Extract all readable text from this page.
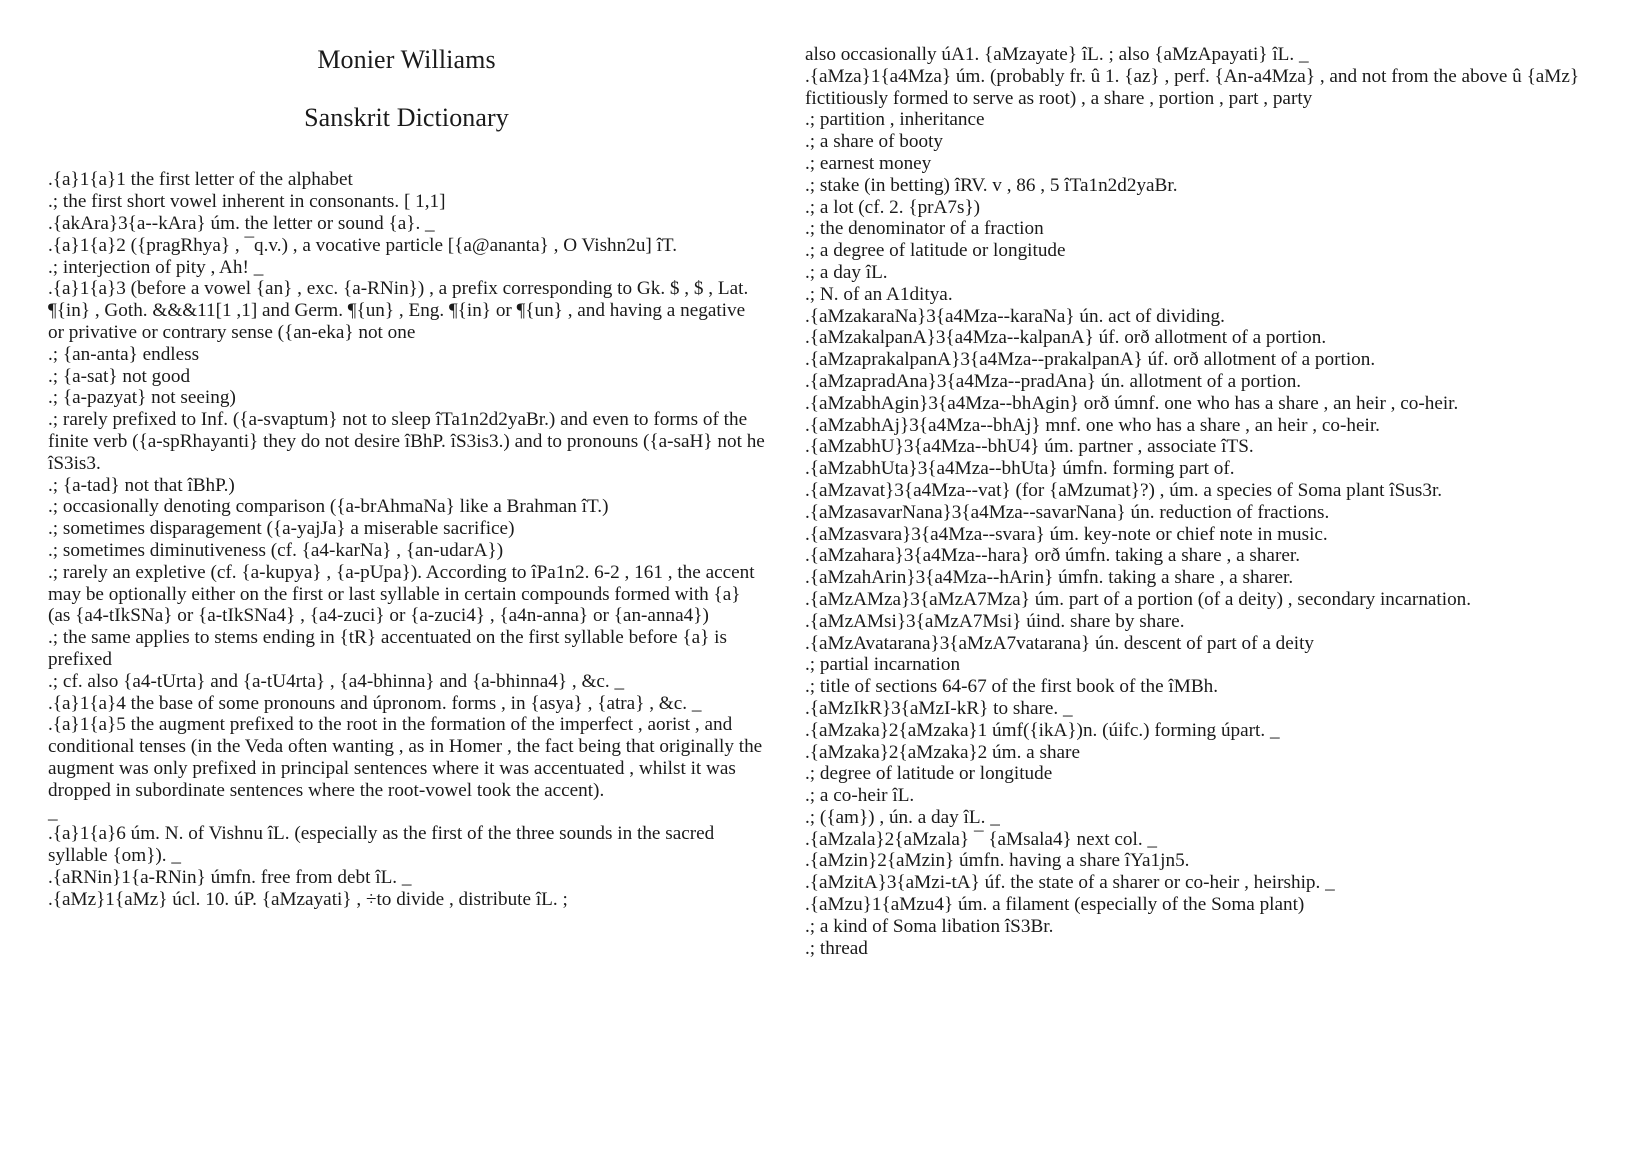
Monier Williams
Sanskrit Dictionary
.{a}1{a}1 the first letter of the alphabet
.; the first short vowel inherent in consonants. [ 1,1]
.{akAra}3{a--kAra} úm. the letter or sound {a}. _
.{a}1{a}2 ({pragRhya} , ¯q.v.) , a vocative particle [{a@ananta} , O Vishn2u] îT.
.; interjection of pity , Ah! _
.{a}1{a}3 (before a vowel {an} , exc. {a-RNin}) , a prefix corresponding to Gk. $ , $ , Lat. ¶{in} , Goth. &&&11[1 ,1] and Germ. ¶{un} , Eng. ¶{in} or ¶{un} , and having a negative or privative or contrary sense ({an-eka} not one
.; {an-anta} endless
.; {a-sat} not good
.; {a-pazyat} not seeing)
.; rarely prefixed to Inf. ({a-svaptum} not to sleep îTa1n2d2yaBr.) and even to forms of the finite verb ({a-spRhayanti} they do not desire îBhP. îS3is3.) and to pronouns ({a-saH} not he îS3is3.
.; {a-tad} not that îBhP.)
.; occasionally denoting comparison ({a-brAhmaNa} like a Brahman îT.)
.; sometimes disparagement ({a-yajJa} a miserable sacrifice)
.; sometimes diminutiveness (cf. {a4-karNa} , {an-udarA})
.; rarely an expletive (cf. {a-kupya} , {a-pUpa}). According to îPa1n2. 6-2 , 161 , the accent may be optionally either on the first or last syllable in certain compounds formed with {a} (as {a4-tIkSNa} or {a-tIkSNa4} , {a4-zuci} or {a-zuci4} , {a4n-anna} or {an-anna4})
.; the same applies to stems ending in {tR} accentuated on the first syllable before {a} is prefixed
.; cf. also {a4-tUrta} and {a-tU4rta} , {a4-bhinna} and {a-bhinna4} , &c. _
.{a}1{a}4 the base of some pronouns and úpronom. forms , in {asya} , {atra} , &c. _
.{a}1{a}5 the augment prefixed to the root in the formation of the imperfect , aorist , and conditional tenses (in the Veda often wanting , as in Homer , the fact being that originally the augment was only prefixed in principal sentences where it was accentuated , whilst it was dropped in subordinate sentences where the root-vowel took the accent).
_
.{a}1{a}6 úm. N. of Vishnu îL. (especially as the first of the three sounds in the sacred syllable {om}). _
.{aRNin}1{a-RNin} úmfn. free from debt îL. _
.{aMz}1{aMz} úcl. 10. úP. {aMzayati} , ÷to divide , distribute îL. ;
also occasionally úA1. {aMzayate} îL. ; also {aMzApayati} îL. _
.{aMza}1{a4Mza} úm. (probably fr. û 1. {az} , perf. {An-a4Mza} , and not from the above û {aMz} fictitiously formed to serve as root) , a share , portion , part , party
.; partition , inheritance
.; a share of booty
.; earnest money
.; stake (in betting) îRV. v , 86 , 5 îTa1n2d2yaBr.
.; a lot (cf. 2. {prA7s})
.; the denominator of a fraction
.; a degree of latitude or longitude
.; a day îL.
.; N. of an A1ditya.
.{aMzakaraNa}3{a4Mza--karaNa} ún. act of dividing.
.{aMzakalpanA}3{a4Mza--kalpanA} úf. orð allotment of a portion.
.{aMzaprakalpanA}3{a4Mza--prakalpanA} úf. orð allotment of a portion.
.{aMzapradAna}3{a4Mza--pradAna} ún. allotment of a portion.
.{aMzabhAgin}3{a4Mza--bhAgin} orð úmnf. one who has a share , an heir , co-heir.
.{aMzabhAj}3{a4Mza--bhAj} mnf. one who has a share , an heir , co-heir.
.{aMzabhU}3{a4Mza--bhU4} úm. partner , associate îTS.
.{aMzabhUta}3{a4Mza--bhUta} úmfn. forming part of.
.{aMzavat}3{a4Mza--vat} (for {aMzumat}?) , úm. a species of Soma plant îSus3r.
.{aMzasavarNana}3{a4Mza--savarNana} ún. reduction of fractions.
.{aMzasvara}3{a4Mza--svara} úm. key-note or chief note in music.
.{aMzahara}3{a4Mza--hara} orð úmfn. taking a share , a sharer.
.{aMzahArin}3{a4Mza--hArin} úmfn. taking a share , a sharer.
.{aMzAMza}3{aMzA7Mza} úm. part of a portion (of a deity) , secondary incarnation.
.{aMzAMsi}3{aMzA7Msi} úind. share by share.
.{aMzAvatarana}3{aMzA7vatarana} ún. descent of part of a deity
.; partial incarnation
.; title of sections 64-67 of the first book of the îMBh.
.{aMzIkR}3{aMzI-kR} to share. _
.{aMzaka}2{aMzaka}1 úmf({ikA})n. (úifc.) forming úpart. _
.{aMzaka}2{aMzaka}2 úm. a share
.; degree of latitude or longitude
.; a co-heir îL.
.; ({am}) , ún. a day îL. _
.{aMzala}2{aMzala} ¯ {aMsala4} next col. _
.{aMzin}2{aMzin} úmfn. having a share îYa1jn5.
.{aMzitA}3{aMzi-tA} úf. the state of a sharer or co-heir , heirship. _
.{aMzu}1{aMzu4} úm. a filament (especially of the Soma plant)
.; a kind of Soma libation îS3Br.
.; thread
